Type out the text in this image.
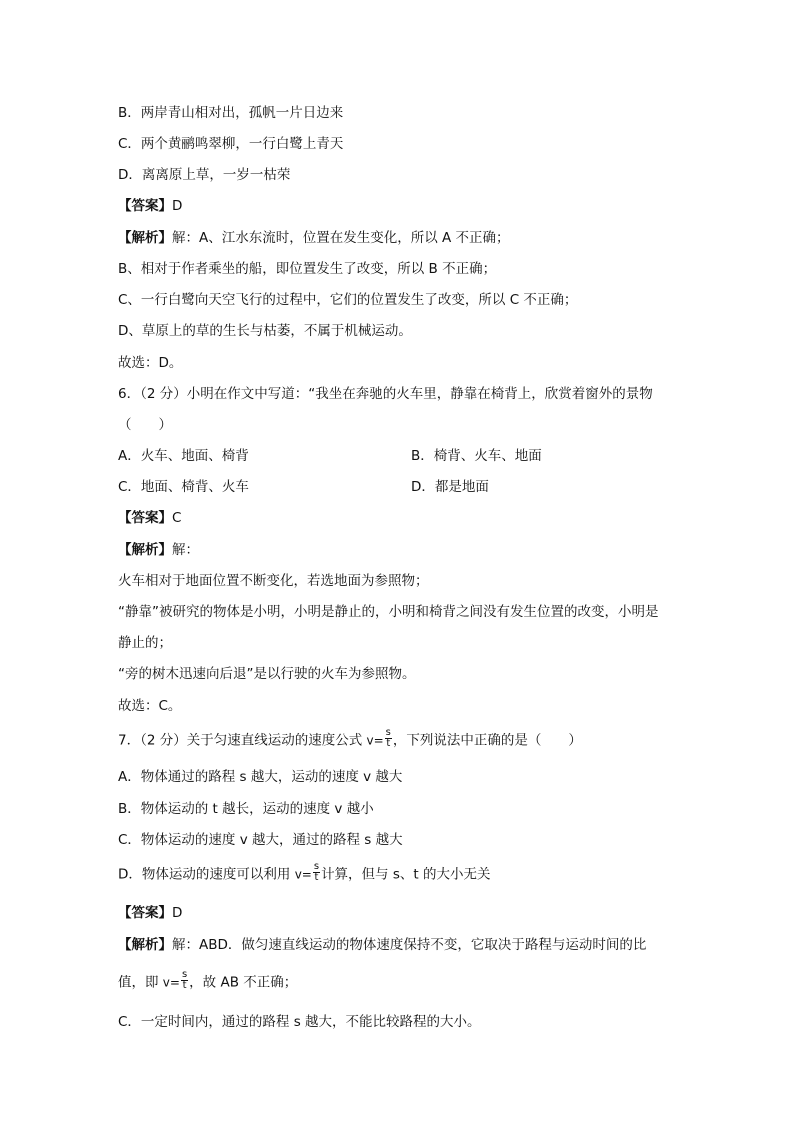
B．两岸青山相对出，孤帆一片日边来
C．两个黄鹂鸣翠柳，一行白鹭上青天
D．离离原上草，一岁一枯荣
【答案】D
【解析】解：A、江水东流时，位置在发生变化，所以 A 不正确；
B、相对于作者乘坐的船，即位置发生了改变，所以 B 不正确；
C、一行白鹭向天空飞行的过程中，它们的位置发生了改变，所以 C 不正确；
D、草原上的草的生长与枯萎，不属于机械运动。
故选：D。
6．（2 分）小明在作文中写道：“我坐在奔驰的火车里，静靠在椅背上，欣赏着窗外的景物
（　　）
A．火车、地面、椅背	B．椅背、火车、地面
C．地面、椅背、火车	D．都是地面
【答案】C
【解析】解：
火车相对于地面位置不断变化，若选地面为参照物；
“静靠”被研究的物体是小明，小明是静止的，小明和椅背之间没有发生位置的改变，小明是
静止的；
“旁的树木迅速向后退”是以行驶的火车为参照物。
故选：C。
7．（2 分）关于匀速直线运动的速度公式 $v= \frac{s}{t}$ ，下列说法中正确的是（　　）
A．物体通过的路程 s 越大，运动的速度 v 越大
B．物体运动的 t 越长，运动的速度 v 越小
C．物体运动的速度 v 越大，通过的路程 s 越大
D．物体运动的速度可以利用 $v= \frac{s}{t}$ 计算，但与 s、t 的大小无关
【答案】D
【解析】解：ABD．做匀速直线运动的物体速度保持不变，它取决于路程与运动时间的比
值，即 $v= \frac{s}{t}$ ，故 AB 不正确；
C．一定时间内，通过的路程 s 越大，不能比较路程的大小。
